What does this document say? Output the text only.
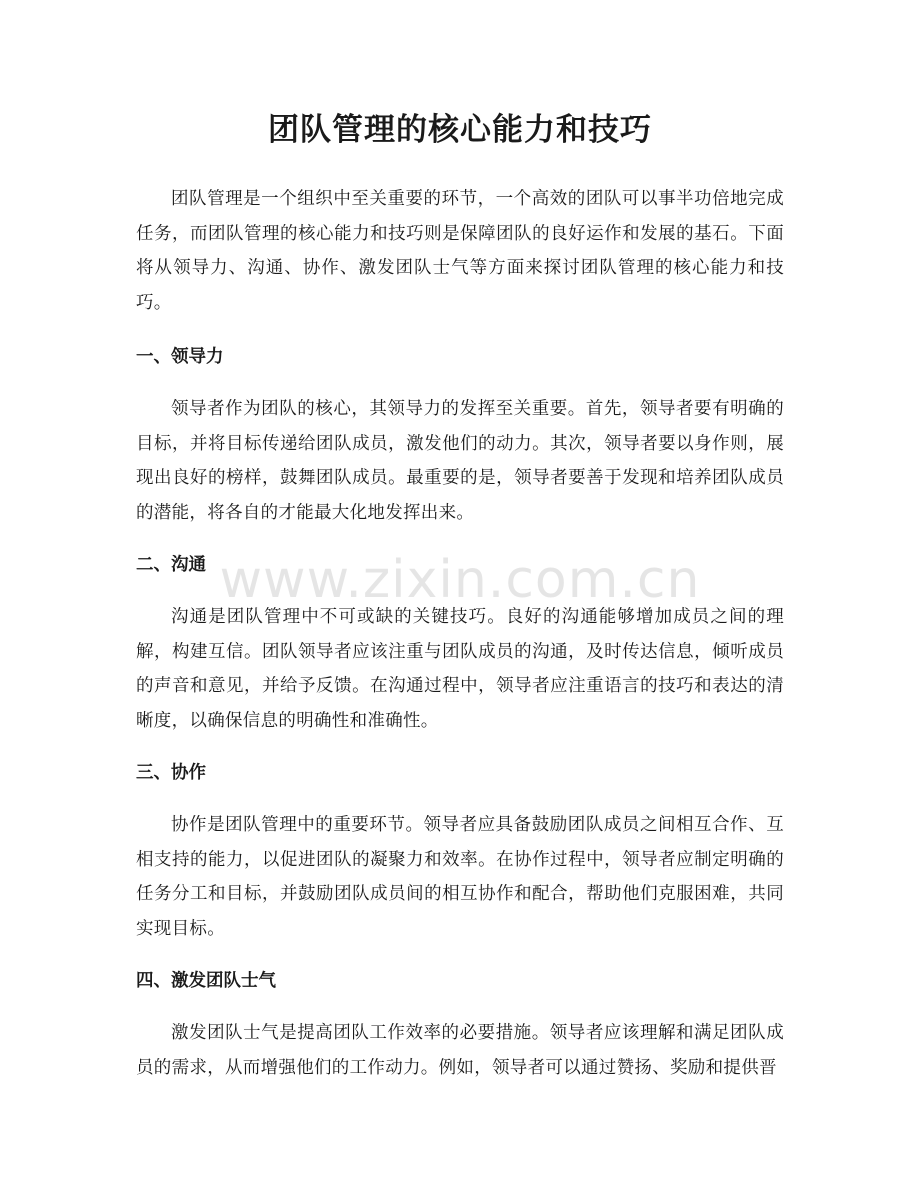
团队管理的核心能力和技巧

团队管理是一个组织中至关重要的环节，一个高效的团队可以事半功倍地完成任务，而团队管理的核心能力和技巧则是保障团队的良好运作和发展的基石。下面将从领导力、沟通、协作、激发团队士气等方面来探讨团队管理的核心能力和技巧。

一、领导力

领导者作为团队的核心，其领导力的发挥至关重要。首先，领导者要有明确的目标，并将目标传递给团队成员，激发他们的动力。其次，领导者要以身作则，展现出良好的榜样，鼓舞团队成员。最重要的是，领导者要善于发现和培养团队成员的潜能，将各自的才能最大化地发挥出来。

二、沟通

沟通是团队管理中不可或缺的关键技巧。良好的沟通能够增加成员之间的理解，构建互信。团队领导者应该注重与团队成员的沟通，及时传达信息，倾听成员的声音和意见，并给予反馈。在沟通过程中，领导者应注重语言的技巧和表达的清晰度，以确保信息的明确性和准确性。

三、协作

协作是团队管理中的重要环节。领导者应具备鼓励团队成员之间相互合作、互相支持的能力，以促进团队的凝聚力和效率。在协作过程中，领导者应制定明确的任务分工和目标，并鼓励团队成员间的相互协作和配合，帮助他们克服困难，共同实现目标。

四、激发团队士气

激发团队士气是提高团队工作效率的必要措施。领导者应该理解和满足团队成员的需求，从而增强他们的工作动力。例如，领导者可以通过赞扬、奖励和提供晋

www.zixin.com.cn
